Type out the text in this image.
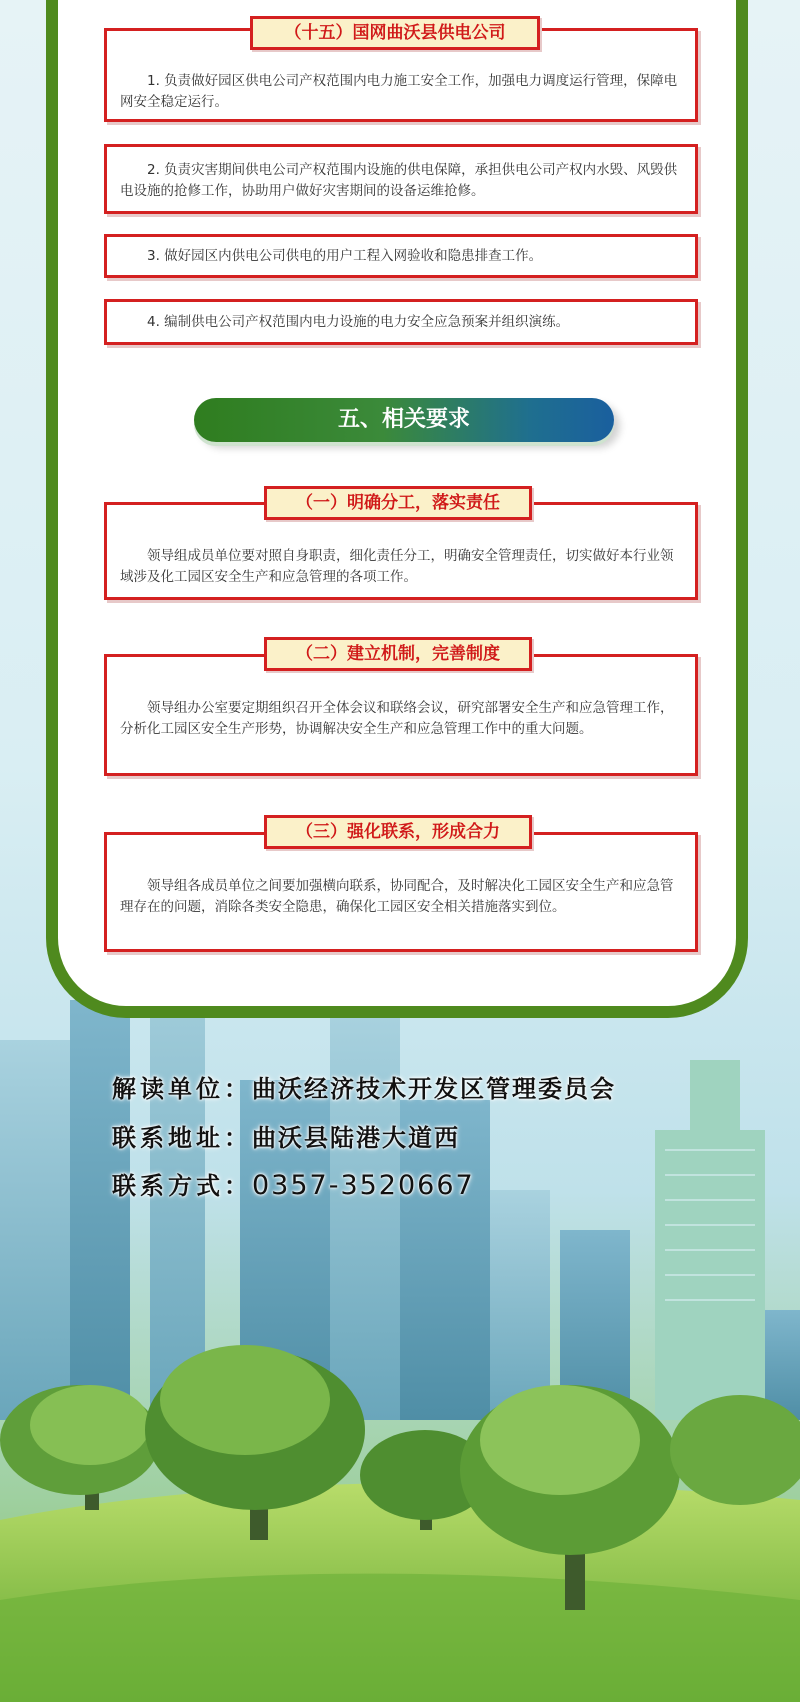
1. 负责做好园区供电公司产权范围内电力施工安全工作，加强电力调度运行管理，保障电网安全稳定运行。

（十五）国网曲沃县供电公司

2. 负责灾害期间供电公司产权范围内设施的供电保障，承担供电公司产权内水毁、风毁供电设施的抢修工作，协助用户做好灾害期间的设备运维抢修。

3. 做好园区内供电公司供电的用户工程入网验收和隐患排查工作。

4. 编制供电公司产权范围内电力设施的电力安全应急预案并组织演练。

五、相关要求

领导组成员单位要对照自身职责，细化责任分工，明确安全管理责任，切实做好本行业领域涉及化工园区安全生产和应急管理的各项工作。

（一）明确分工，落实责任

领导组办公室要定期组织召开全体会议和联络会议，研究部署安全生产和应急管理工作，分析化工园区安全生产形势，协调解决安全生产和应急管理工作中的重大问题。

（二）建立机制，完善制度

领导组各成员单位之间要加强横向联系，协同配合，及时解决化工园区安全生产和应急管理存在的问题，消除各类安全隐患，确保化工园区安全相关措施落实到位。

（三）强化联系，形成合力
解读单位：曲沃经济技术开发区管理委员会
联系地址：曲沃县陆港大道西
联系方式：0357-3520667
